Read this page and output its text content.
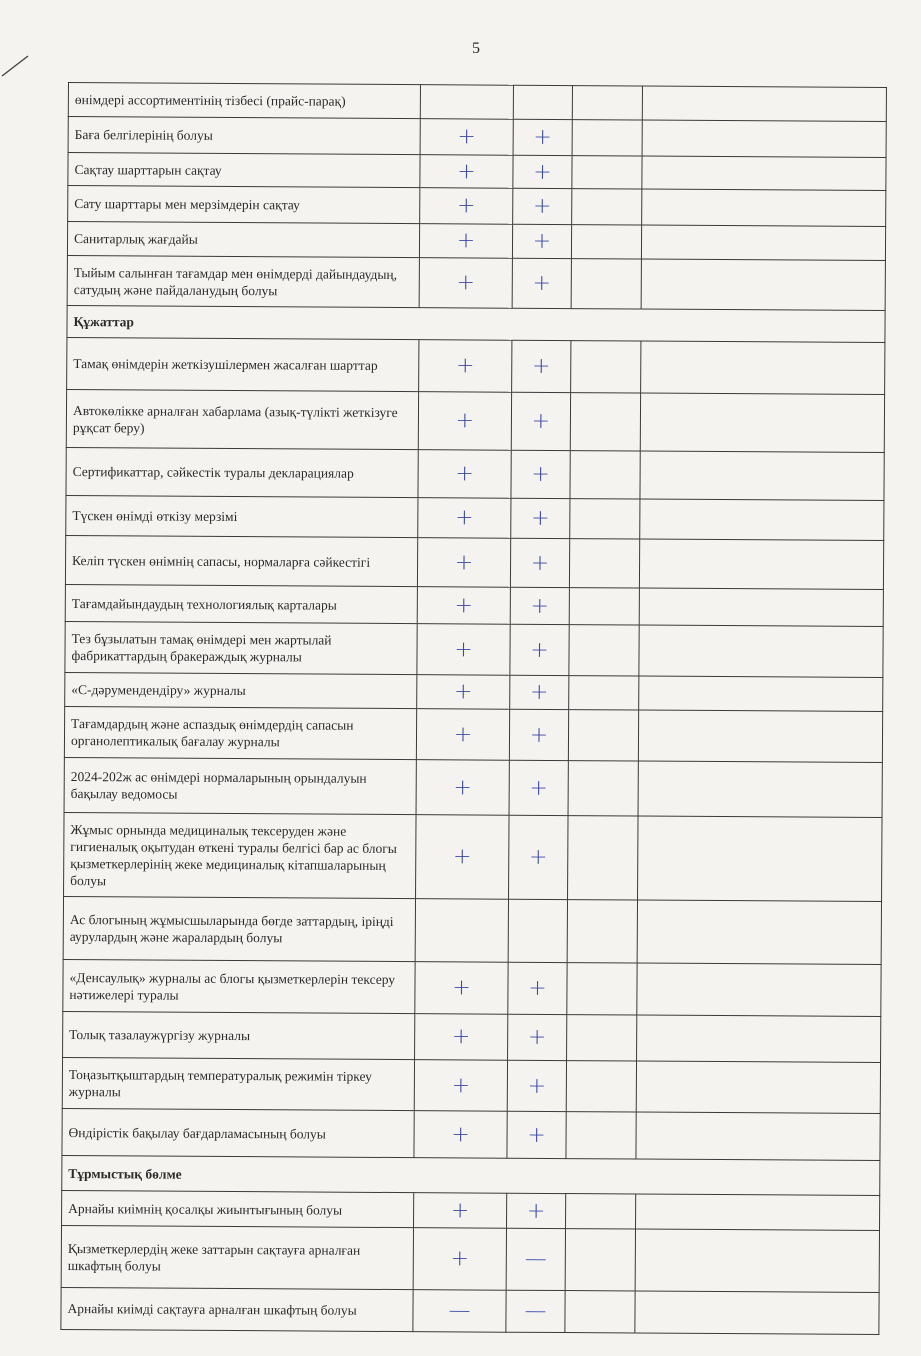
5
өнімдері ассортиментінің тізбесі (прайс-парақ)				
Баға белгілерінің болуы	+	+		
Сақтау шарттарын сақтау	+	+		
Сату шарттары мен мерзімдерін сақтау	+	+		
Санитарлық жағдайы	+	+		
Тыйым салынған тағамдар мен өнімдерді дайындаудың, сатудың және пайдаланудың болуы	+	+		
Құжаттар				
Тамақ өнімдерін жеткізушілермен жасалған шарттар	+	+		
Автокөлікке арналған хабарлама (азық-түлікті жеткізуге рұқсат беру)	+	+		
Сертификаттар, сәйкестік туралы декларациялар	+	+		
Түскен өнімді өткізу мерзімі	+	+		
Келіп түскен өнімнің сапасы, нормаларға сәйкестігі	+	+		
Тағамдайындаудың технологиялық карталары	+	+		
Тез бұзылатын тамақ өнімдері мен жартылай фабрикаттардың бракераждық журналы	+	+		
«С-дәрумендендіру» журналы	+	+		
Тағамдардың және аспаздық өнімдердің сапасын органолептикалық бағалау журналы	+	+		
2024-202ж ас өнімдері нормаларының орындалуын бақылау ведомосы	+	+		
Жұмыс орнында медициналық тексеруден және гигиеналық оқытудан өткені туралы белгісі бар ас блогы қызметкерлерінің жеке медициналық кітапшаларының болуы	+	+		
Ас блогының жұмысшыларында бөгде заттардың, іріңді аурулардың және жаралардың болуы				
«Денсаулық» журналы ас блогы қызметкерлерін тексеру нәтижелері туралы	+	+		
Толық тазалаужүргізу журналы	+	+		
Тоңазытқыштардың температуралық режимін тіркеу журналы	+	+		
Өндірістік бақылау бағдарламасының болуы	+	+		
Тұрмыстық бөлме				
Арнайы киімнің қосалқы жиынтығының болуы	+	+		
Қызметкерлердің жеке заттарын сақтауға арналған шкафтың болуы	+	—		
Арнайы киімді сақтауға арналған шкафтың болуы	—	—		
